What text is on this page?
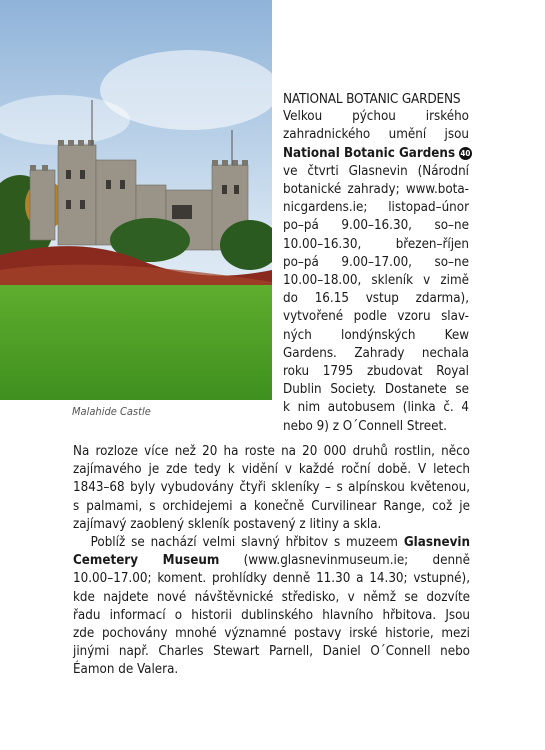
Malahide Castle
NATIONAL BOTANIC GARDENS
Velkou pýchou irského
zahradnického umění jsou
National Botanic Gardens 40
ve čtvrti Glasnevin (Národní
botanické zahrady; www.bota-
nicgardens.ie; listopad–únor
po–pá 9.00–16.30, so–ne
10.00–16.30, březen–říjen
po–pá 9.00–17.00, so–ne
10.00–18.00, skleník v zimě
do 16.15 vstup zdarma),
vytvořené podle vzoru slav-
ných londýnských Kew
Gardens. Zahrady nechala
roku 1795 zbudovat Royal
Dublin Society. Dostanete se
k nim autobusem (linka č. 4
nebo 9) z O´Connell Street.
Na rozloze více než 20 ha roste na 20 000 druhů rostlin, něco
zajímavého je zde tedy k vidění v každé roční době. V letech
1843–68 byly vybudovány čtyři skleníky – s alpínskou květenou,
s palmami, s orchidejemi a konečně Curvilinear Range, což je
zajímavý zaoblený skleník postavený z litiny a skla.
Poblíž se nachází velmi slavný hřbitov s muzeem Glasnevin
Cemetery Museum (www.glasnevinmuseum.ie; denně
10.00–17.00; koment. prohlídky denně 11.30 a 14.30; vstupné),
kde najdete nové návštěvnické středisko, v němž se dozvíte
řadu informací o historii dublinského hlavního hřbitova. Jsou
zde pochovány mnohé významné postavy irské historie, mezi
jinými např. Charles Stewart Parnell, Daniel O´Connell nebo
Éamon de Valera.
